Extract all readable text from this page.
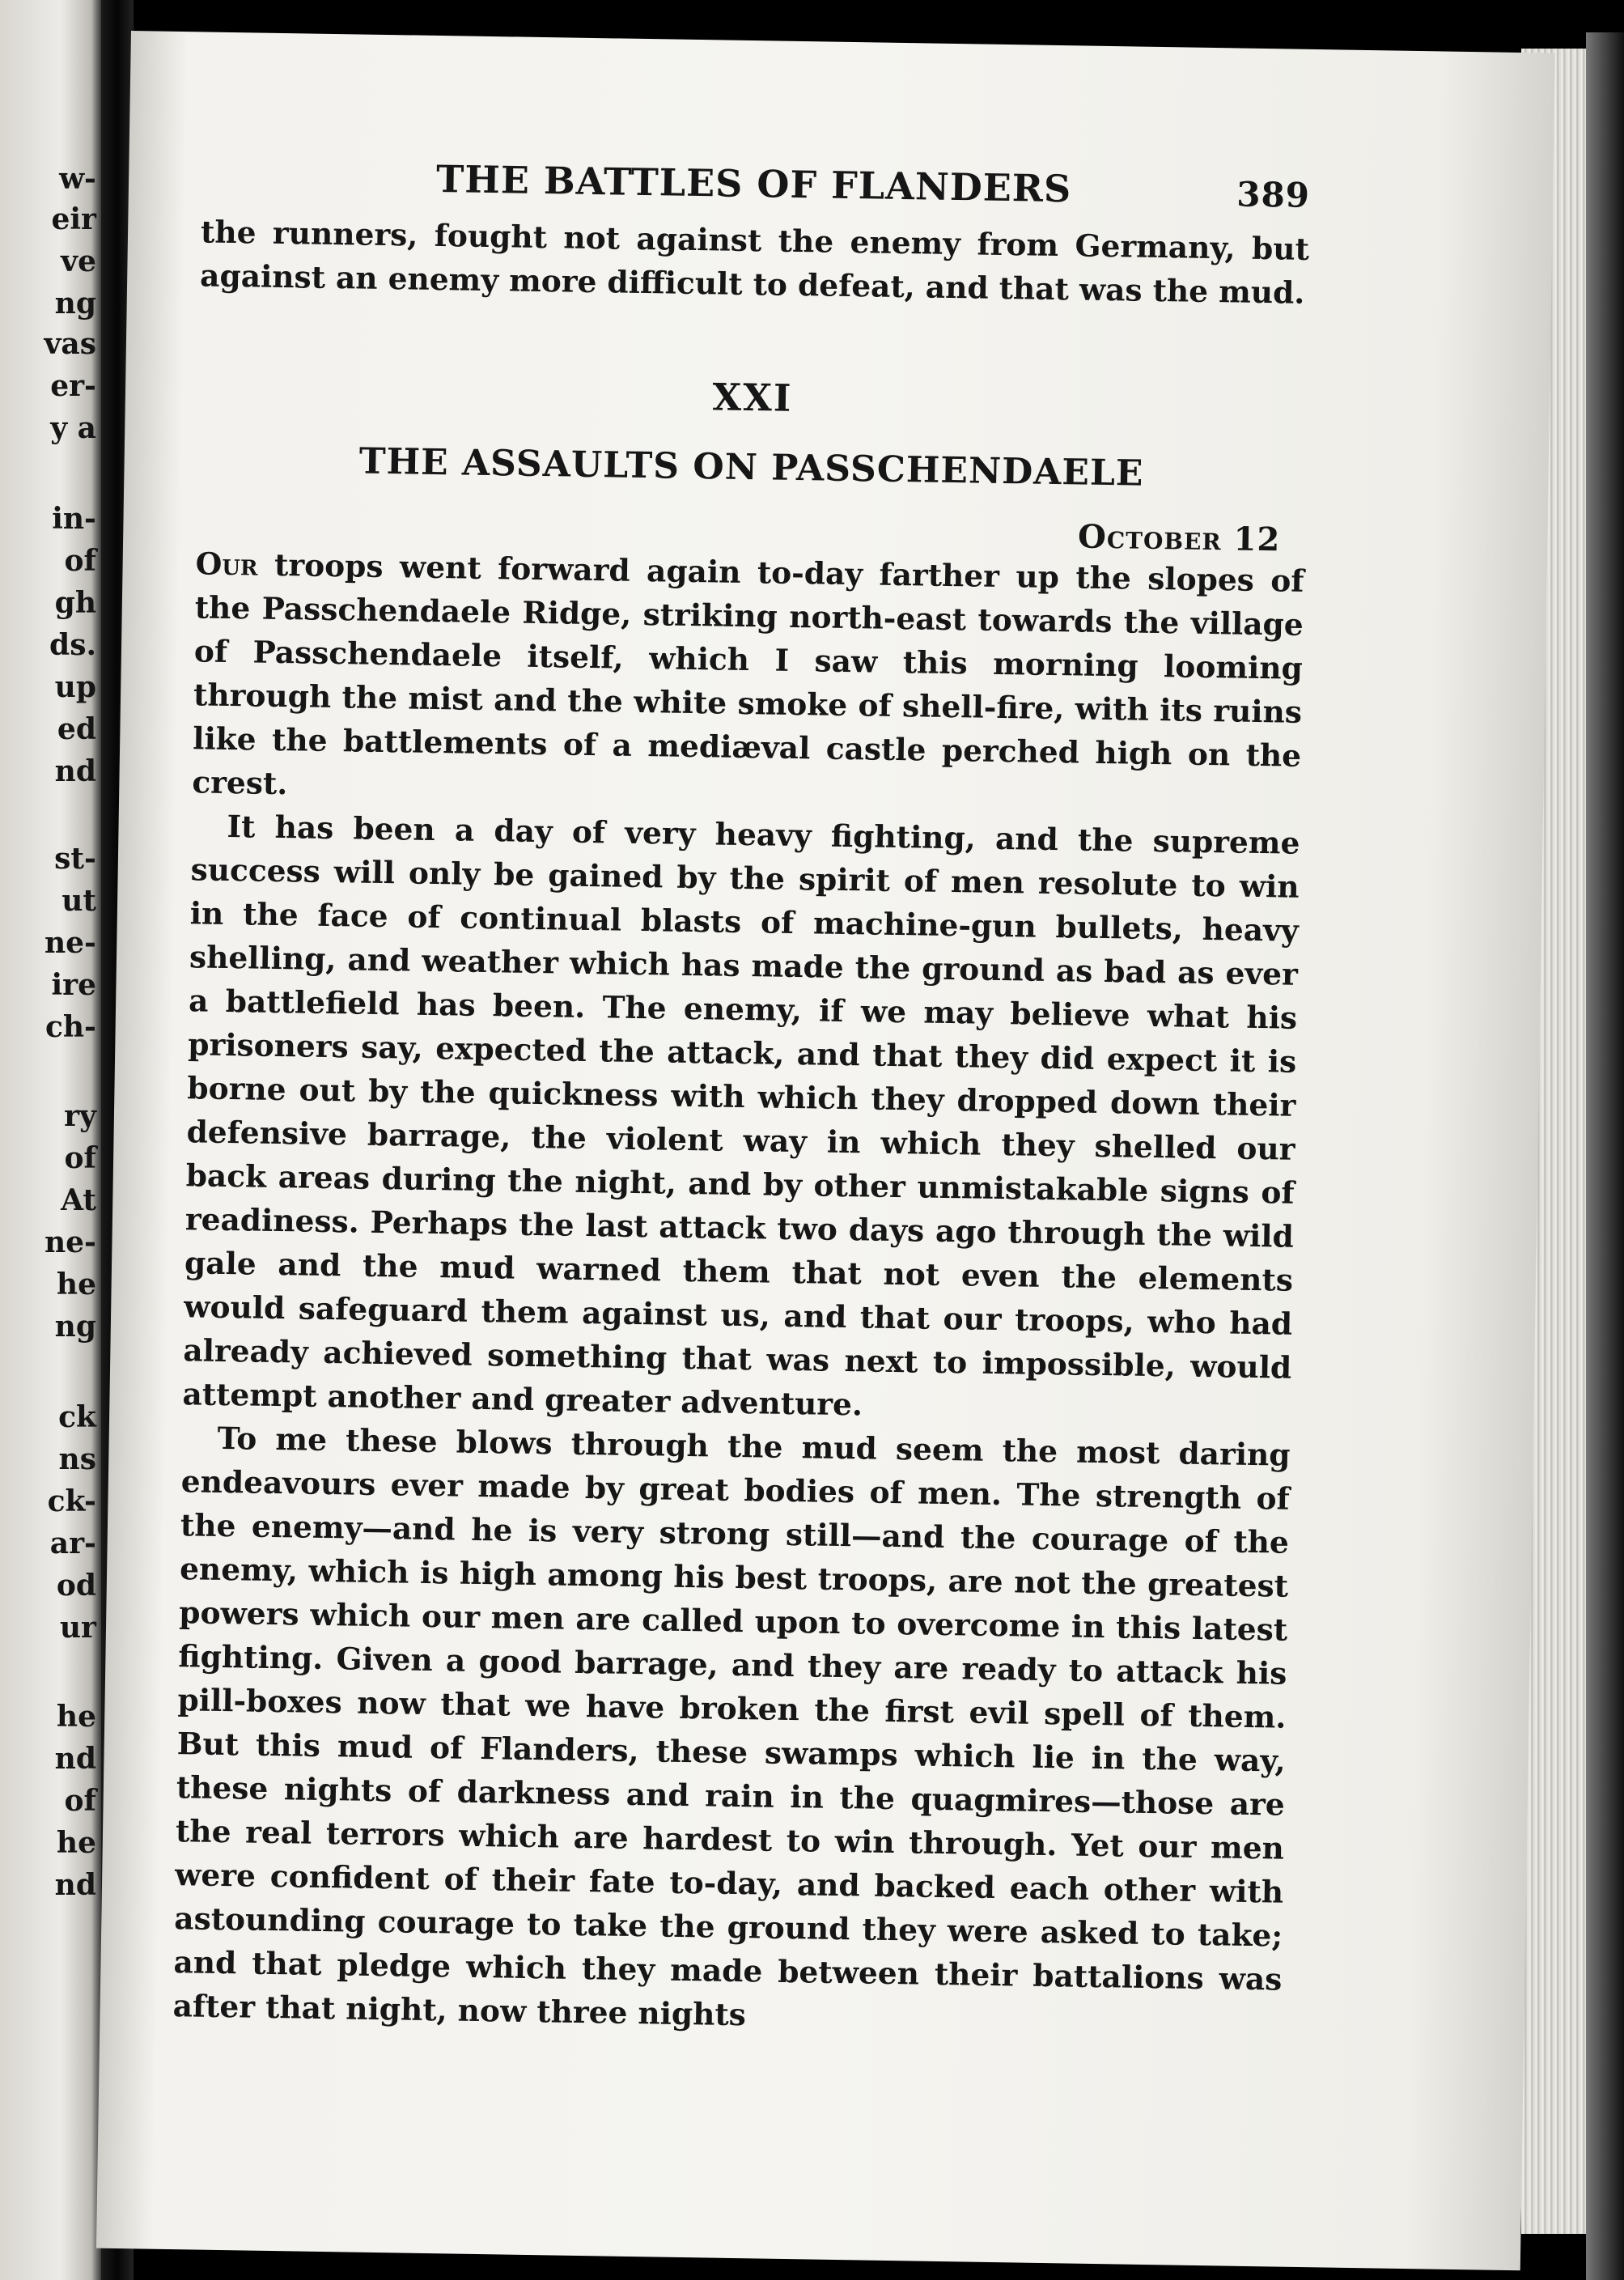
w-
eir
ve
ng
vas
er-
y a
in-
of
gh
ds.
up
ed
nd
st-
ut
ne-
ire
ch-
ry
of
At
ne-
he
ng
ck
ns
ck-
ar-
od
ur
he
nd
of
he
nd
THE BATTLES OF FLANDERS	389

the runners, fought not against the enemy from Germany, but against an enemy more difficult to defeat, and that was the mud.

XXI
THE ASSAULTS ON PASSCHENDAELE
October 12

Our troops went forward again to-day farther up the slopes of the Passchendaele Ridge, striking north-east towards the village of Passchendaele itself, which I saw this morning looming through the mist and the white smoke of shell-fire, with its ruins like the battlements of a mediæval castle perched high on the crest.

It has been a day of very heavy fighting, and the supreme success will only be gained by the spirit of men resolute to win in the face of continual blasts of machine-gun bullets, heavy shelling, and weather which has made the ground as bad as ever a battlefield has been. The enemy, if we may believe what his prisoners say, expected the attack, and that they did expect it is borne out by the quickness with which they dropped down their defensive barrage, the violent way in which they shelled our back areas during the night, and by other unmistakable signs of readiness. Perhaps the last attack two days ago through the wild gale and the mud warned them that not even the elements would safeguard them against us, and that our troops, who had already achieved something that was next to impossible, would attempt another and greater adventure.

To me these blows through the mud seem the most daring endeavours ever made by great bodies of men. The strength of the enemy—and he is very strong still—and the courage of the enemy, which is high among his best troops, are not the greatest powers which our men are called upon to overcome in this latest fighting. Given a good barrage, and they are ready to attack his pill-boxes now that we have broken the first evil spell of them. But this mud of Flanders, these swamps which lie in the way, these nights of darkness and rain in the quagmires—those are the real terrors which are hardest to win through. Yet our men were confident of their fate to-day, and backed each other with astounding courage to take the ground they were asked to take; and that pledge which they made between their battalions was after that night, now three nights
